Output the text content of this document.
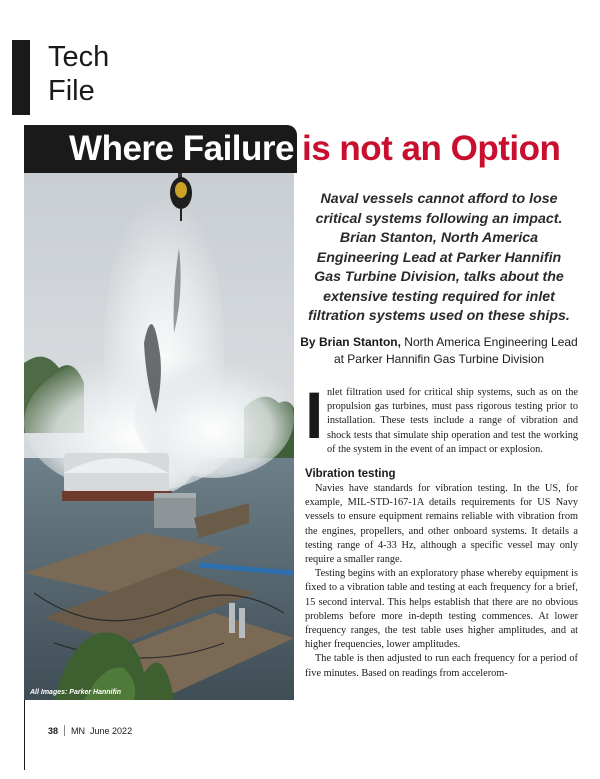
Tech
File
Where Failure is not an Option
All Images: Parker Hannifin
Naval vessels cannot afford to lose critical systems following an impact. Brian Stanton, North America Engineering Lead at Parker Hannifin Gas Turbine Division, talks about the extensive testing required for inlet filtration systems used on these ships.
By Brian Stanton, North America Engineering Lead
at Parker Hannifin Gas Turbine Division

I nlet filtration used for critical ship systems, such as on the propulsion gas turbines, must pass rigorous testing prior to installation. These tests include a range of vibration and shock tests that simulate ship operation and test the working of the system in the event of an impact or explosion.

Vibration testing

Navies have standards for vibration testing. In the US, for example, MIL-STD-167-1A details requirements for US Navy vessels to ensure equipment remains reliable with vibration from the engines, propellers, and other onboard systems. It details a testing range of 4-33 Hz, although a specific vessel may only require a smaller range.

Testing begins with an exploratory phase whereby equipment is fixed to a vibration table and testing at each frequency for a brief, 15 second interval. This helps establish that there are no obvious problems before more in-depth testing commences. At lower frequency ranges, the test table uses higher amplitudes, and at higher frequencies, lower amplitudes.

The table is then adjusted to run each frequency for a period of five minutes. Based on readings from accelerom-

38 MN June 2022
